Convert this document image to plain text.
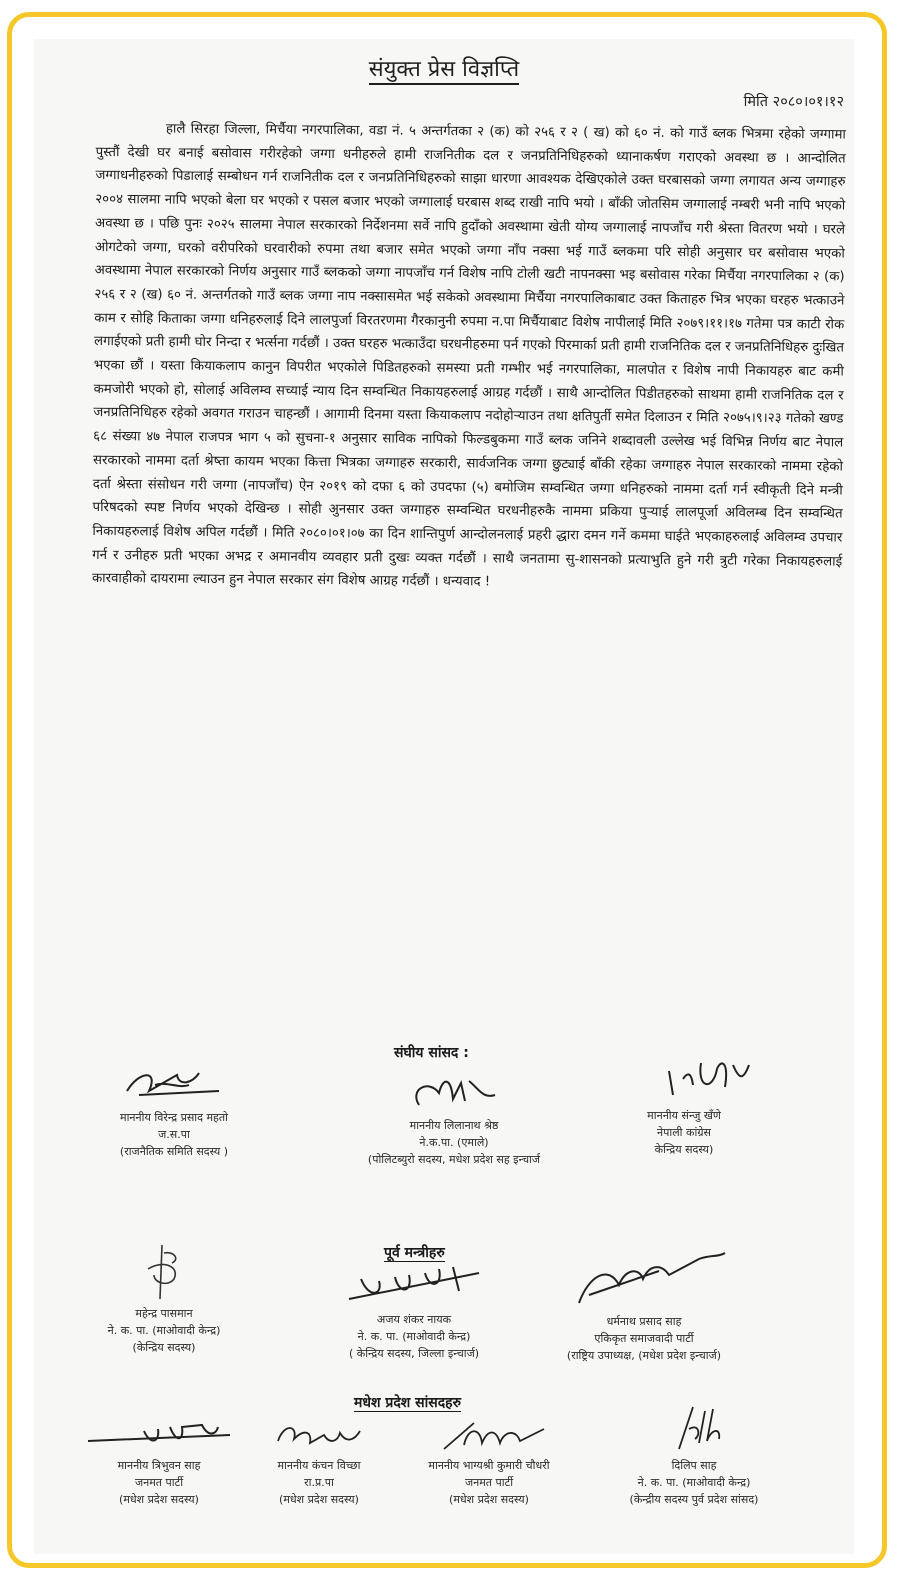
संयुक्त प्रेस विज्ञप्ति
मिति २०८०।०१।१२
हालै सिरहा जिल्ला, मिर्चैया नगरपालिका, वडा नं. ५ अन्तर्गतका २ (क) को २५६ र २ ( ख) को ६० नं. को गाउँ ब्लक भित्रमा रहेको जग्गामा पुस्तौं देखी घर बनाई बसोवास गरीरहेको जग्गा धनीहरुले हामी राजनितीक दल र जनप्रतिनिधिहरुको ध्यानाकर्षण गराएको अवस्था छ । आन्दोलित जग्गाधनीहरुको पिडालाई सम्बोधन गर्न राजनितीक दल र जनप्रतिनिधिहरुको साझा धारणा आवश्यक देखिएकोले उक्त घरबासको जग्गा लगायत अन्य जग्गाहरु २००४ सालमा नापि भएको बेला घर भएको र पसल बजार भएको जग्गालाई घरबास शब्द राखी नापि भयो । बाँकी जोतसिम जग्गालाई नम्बरी भनी नापि भएको अवस्था छ । पछि पुनः २०२५ सालमा नेपाल सरकारको निर्देशनमा सर्वे नापि हुदाँको अवस्थामा खेती योग्य जग्गालाई नापजाँच गरी श्रेस्ता वितरण भयो । घरले ओगटेको जग्गा, घरको वरीपरिको घरवारीको रुपमा तथा बजार समेत भएको जग्गा नाँप नक्सा भई गाउँ ब्लकमा परि सोही अनुसार घर बसोवास भएको अवस्थामा नेपाल सरकारको निर्णय अनुसार गाउँ ब्लकको जग्गा नापजाँच गर्न विशेष नापि टोली खटी नापनक्सा भइ बसोवास गरेका मिर्चैया नगरपालिका २ (क) २५६ र २ (ख) ६० नं. अन्तर्गतको गाउँ ब्लक जग्गा नाप नक्सासमेत भई सकेको अवस्थामा मिर्चैया नगरपालिकाबाट उक्त किताहरु भित्र भएका घरहरु भत्काउने काम र सोहि किताका जग्गा धनिहरुलाई दिने लालपुर्जा विरतरणमा गैरकानुनी रुपमा न.पा मिर्चैयाबाट विशेष नापीलाई मिति २०७९।११।१७ गतेमा पत्र काटी रोक लगाईएको प्रती हामी घोर निन्दा र भर्त्सना गर्दछौं । उक्त घरहरु भत्काउँदा घरधनीहरुमा पर्न गएको पिरमार्का प्रती हामी राजनितिक दल र जनप्रतिनिधिहरु दुःखित भएका छौं । यस्ता कियाकलाप कानुन विपरीत भएकोले पिडितहरुको समस्या प्रती गम्भीर भई नगरपालिका, मालपोत र विशेष नापी निकायहरु बाट कमी कमजोरी भएको हो, सोलाई अविलम्व सच्याई न्याय दिन सम्वन्धित निकायहरुलाई आग्रह गर्दछौं । साथै आन्दोलित पिडीतहरुको साथमा हामी राजनितिक दल र जनप्रतिनिधिहरु रहेको अवगत गराउन चाहन्छौं । आगामी दिनमा यस्ता कियाकलाप नदोहोर्‍याउन तथा क्षतिपुर्ती समेत दिलाउन र मिति २०७५।९।२३ गतेको खण्ड ६८ संख्या ४७ नेपाल राजपत्र भाग ५ को सुचना-१ अनुसार साविक नापिको फिल्डबुकमा गाउँ ब्लक जनिने शब्दावली उल्लेख भई विभिन्न निर्णय बाट नेपाल सरकारको नाममा दर्ता श्रेष्ता कायम भएका कित्ता भित्रका जग्गाहरु सरकारी, सार्वजनिक जग्गा छुट्याई बाँकी रहेका जग्गाहरु नेपाल सरकारको नाममा रहेको दर्ता श्रेस्ता संसोधन गरी जग्गा (नापजाँच) ऐन २०१९ को दफा ६ को उपदफा (५) बमोजिम सम्वन्धित जग्गा धनिहरुको नाममा दर्ता गर्न स्वीकृती दिने मन्त्री परिषदको स्पष्ट निर्णय भएको देखिन्छ । सोही अुनसार उक्त जग्गाहरु सम्वन्धित घरधनीहरुकै नाममा प्रकिया पुर्‍याई लालपूर्जा अविलम्ब दिन सम्वन्धित निकायहरुलाई विशेष अपिल गर्दछौं । मिति २०८०।०१।०७ का दिन शान्तिपुर्ण आन्दोलनलाई प्रहरी द्धारा दमन गर्ने कममा घाईते भएकाहरुलाई अविलम्व उपचार गर्न र उनीहरु प्रती भएका अभद्र र अमानवीय व्यवहार प्रती दुखः व्यक्त गर्दछौं । साथै जनतामा सु-शासनको प्रत्याभुति हुने गरी त्रुटी गरेका निकायहरुलाई कारवाहीको दायरामा ल्याउन हुन नेपाल सरकार संग विशेष आग्रह गर्दछौं । धन्यवाद !
संघीय सांसद :
माननीय विरेन्द्र प्रसाद महतो
ज.स.पा
(राजनैतिक समिति सदस्य )
माननीय लिलानाथ श्रेष्ठ
ने.क.पा. (एमाले)
(पोलिटब्युरो सदस्य, मधेश प्रदेश सह इन्चार्ज
माननीय संन्जु खँणे
नेपाली कांग्रेस
केन्द्रिय सदस्य)
पूर्व मन्त्रीहरु
महेन्द्र पासमान
ने. क. पा. (माओवादी केन्द्र)
(केन्द्रिय सदस्य)
अजय शंकर नायक
ने. क. पा. (माओवादी केन्द्र)
( केन्द्रिय सदस्य, जिल्ला इन्चार्ज)
धर्मनाथ प्रसाद साह
एकिकृत समाजवादी पार्टी
(राष्ट्रिय उपाध्यक्ष, (मधेश प्रदेश इन्चार्ज)
मधेश प्रदेश सांसदहरु
माननीय त्रिभुवन साह
जनमत पार्टी
(मधेश प्रदेश सदस्य)
माननीय कंचन विच्छा
रा.प्र.पा
(मधेश प्रदेश सदस्य)
माननीय भाग्यश्री कुमारी चौधरी
जनमत पार्टी
(मधेश प्रदेश सदस्य)
दिलिप साह
ने. क. पा. (माओवादी केन्द्र)
(केन्द्रीय सदस्य पुर्व प्रदेश सांसद)
